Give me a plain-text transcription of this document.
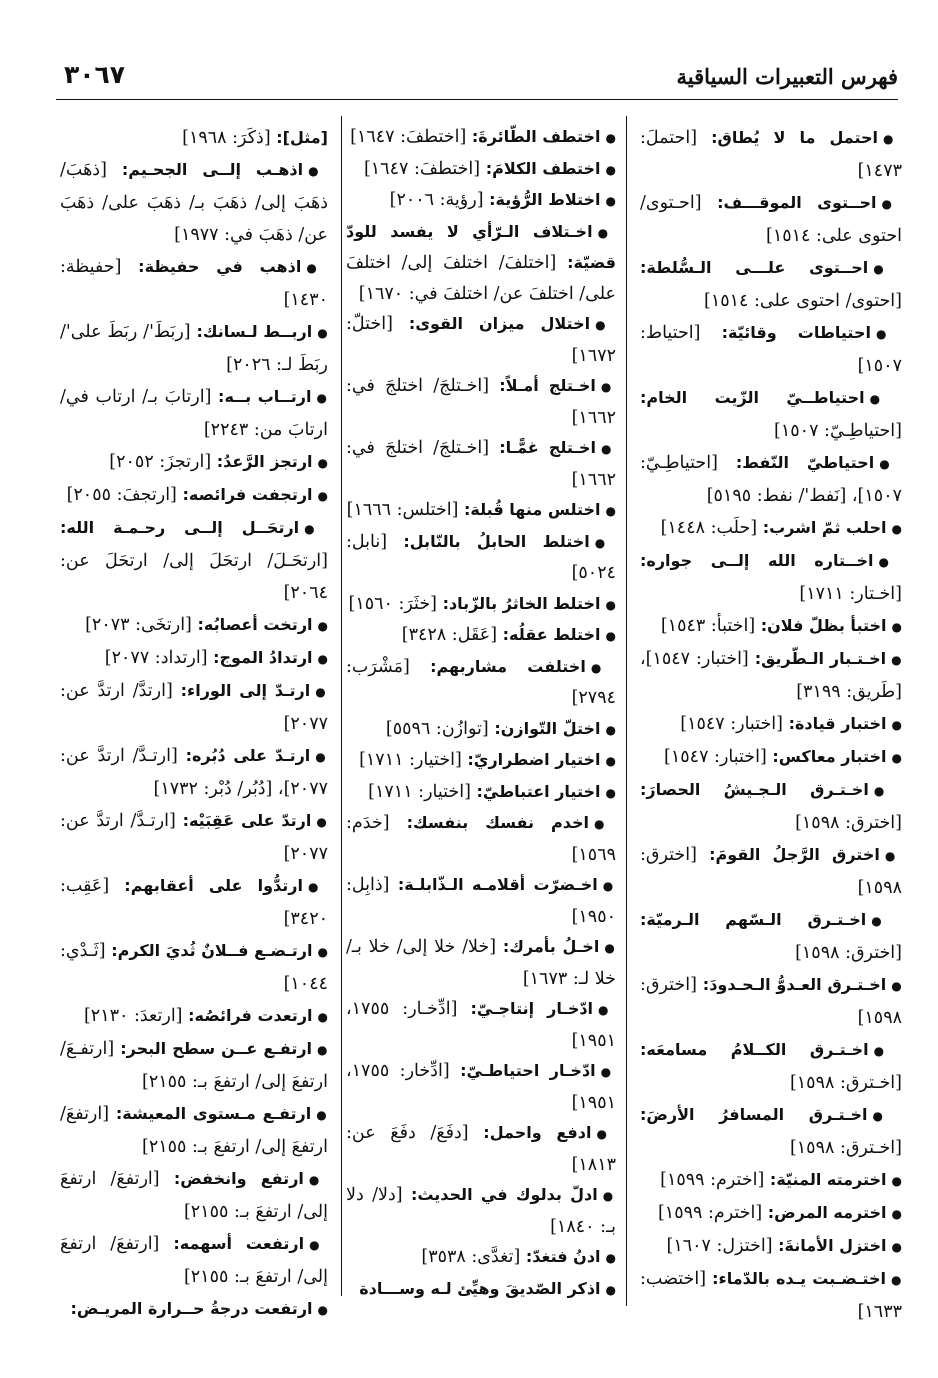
٣٠٦٧	فهرس التعبيرات السياقية
●احتمل ما لا يُطاق: [احتملَ: ١٤٧٣]
●احــتوى الموقـــف: [احـتوى/ احتوى على: ١٥١٤]
●احــتوى علـــى الـسُّلطة: [احتوى/ احتوى على: ١٥١٤]
●احتياطات وقائيّة: [احتياط: ١٥٠٧]
●احتياطــيّ الزّيت الخام: [احتياطِـيّ: ١٥٠٧]
●احتياطيّ النّفط: [احتياطِـيّ: ١٥٠٧]، [نَفط'/ نفط: ٥١٩٥]
●احلب ثمّ اشرب: [حلَب: ١٤٤٨]
●اخــتاره الله إلــى جواره: [اخـتار: ١٧١١]
●اختبأ بظلّ فلان: [اختبأ: ١٥٤٣]
●اخـتـبار الـطّريق: [اختبار: ١٥٤٧]، [طَريق: ٣١٩٩]
●اختبار قيادة: [اختبار: ١٥٤٧]
●اختبار معاكس: [اختبار: ١٥٤٧]
●اخـتـرق الـجـيشُ الحصارَ: [اخترق: ١٥٩٨]
●اخترق الرَّجلُ القومَ: [اخترق: ١٥٩٨]
●اخـتـرق الـسّهم الـرميّة: [اخترق: ١٥٩٨]
●اخـتـرق العـدوُّ الـحـدودَ: [اخترق: ١٥٩٨]
●اخـتـرق الكــلامُ مسامعَه: [اخـترق: ١٥٩٨]
●اخـتـرق المسافرُ الأرضَ: [اخـترق: ١٥٩٨]
●اخترمته المنيّة: [اخترم: ١٥٩٩]
●اخترمه المرض: [اخترم: ١٥٩٩]
●اختزل الأمانةَ: [اختزل: ١٦٠٧]
●اختـضـبت يـده بالدّماء: [اختضب: ١٦٣٣]
●اختطف الطّائرةَ: [اختطفَ: ١٦٤٧]
●اختطف الكلامَ: [اختطفَ: ١٦٤٧]
●اختلاط الرُّؤية: [رؤية: ٢٠٠٦]
●اخـتلاف الـرّأي لا يفسد للودّ قضيّة: [اختلفَ/ اختلفَ إلى/ اختلفَ على/ اختلفَ عن/ اختلفَ في: ١٦٧٠]
●اختلال ميزان القوى: [اختلّ: ١٦٧٢]
●اخـتلج أمـلاً: [اخـتلجَ/ اختلجَ في: ١٦٦٢]
●اخـتلج غمًّـا: [اخـتلجَ/ اختلجَ في: ١٦٦٢]
●اختلس منها قُبلة: [اختلس: ١٦٦٦]
●اختلط الحابلُ بالنّابل: [نابل: ٥٠٢٤]
●اختلط الخاثرُ بالزّباد: [خثَرَ: ١٥٦٠]
●اختلط عقلُه: [عَقَل: ٣٤٢٨]
●اختلفت مشاربهم: [مَشْرَب: ٢٧٩٤]
●اختلّ التّوازن: [توازُن: ٥٥٩٦]
●اختيار اضطراريّ: [اختيار: ١٧١١]
●اختيار اعتباطيّ: [اختيار: ١٧١١]
●اخدم نفسك بنفسك: [خدَم: ١٥٦٩]
●اخـضرّت أقلامـه الـذّابلـة: [ذابِل: ١٩٥٠]
●اخـلُ بأمرك: [خلا/ خلا إلى/ خلا بـ/ خلا لـ: ١٦٧٣]
●ادّخـار إنتاجـيّ: [ادِّخـار: ١٧٥٥، ١٩٥١]
●ادّخـار احتياطـيّ: [ادِّخار: ١٧٥٥، ١٩٥١]
●ادفع واحمل: [دفَعَ/ دفَعَ عن: ١٨١٣]
●ادلّ بدلوك في الحديث: [دلا/ دلا بـ: ١٨٤٠]
●ادنُ فتغدّ: [تغدَّى: ٣٥٣٨]
●اذكر الصّديقَ وهيِّئ لـه وســـادة
[مثل]: [ذكَرَ: ١٩٦٨]
●اذهـب إلــى الجحـيم: [ذهَبَ/ ذهَبَ إلى/ ذهَبَ بـ/ ذهَبَ على/ ذهَبَ عن/ ذهَبَ في: ١٩٧٧]
●اذهب في حفيظة: [حفيظة: ١٤٣٠]
●اربــط لـسانك: [ربَطَ'/ ربَطَ على'/ ربَطَ لـ: ٢٠٢٦]
●ارتــاب بــه: [ارتابَ بـ/ ارتاب في/ ارتابَ من: ٢٢٤٣]
●ارتجز الرَّعدُ: [ارتجزَ: ٢٠٥٢]
●ارتجفت فرائصه: [ارتجفَ: ٢٠٥٥]
●ارتحَــل إلــى رحـمـة الله: [ارتحَـلَ/ ارتحَلَ إلى/ ارتحَلَ عن: ٢٠٦٤]
●ارتخت أعصابُه: [ارتخَى: ٢٠٧٣]
●ارتدادُ الموج: [ارتداد: ٢٠٧٧]
●ارتـدّ إلى الوراء: [ارتدَّ/ ارتدَّ عن: ٢٠٧٧]
●ارتـدّ على دُبُره: [ارتـدَّ/ ارتدَّ عن: ٢٠٧٧]، [دُبُر/ دُبْر: ١٧٣٢]
●ارتدّ على عَقِبَيْه: [ارتـدَّ/ ارتدَّ عن: ٢٠٧٧]
●ارتدُّوا على أعقابهم: [عَقِب: ٣٤٢٠]
●ارتـضـع فــلانٌ ثُديَ الكرم: [ثَـدْي: ١٠٤٤]
●ارتعدت فرائصُه: [ارتعدَ: ٢١٣٠]
●ارتفـع عــن سطح البحر: [ارتفـعَ/ ارتفعَ إلى/ ارتفعَ بـ: ٢١٥٥]
●ارتفـع مـستوى المعيشة: [ارتفعَ/ ارتفعَ إلى/ ارتفعَ بـ: ٢١٥٥]
●ارتفع وانخفض: [ارتفعَ/ ارتفعَ إلى/ ارتفعَ بـ: ٢١٥٥]
●ارتفعت أسهمه: [ارتفعَ/ ارتفعَ إلى/ ارتفعَ بـ: ٢١٥٥]
●ارتفعت درجةُ حــرارة المريـض:
